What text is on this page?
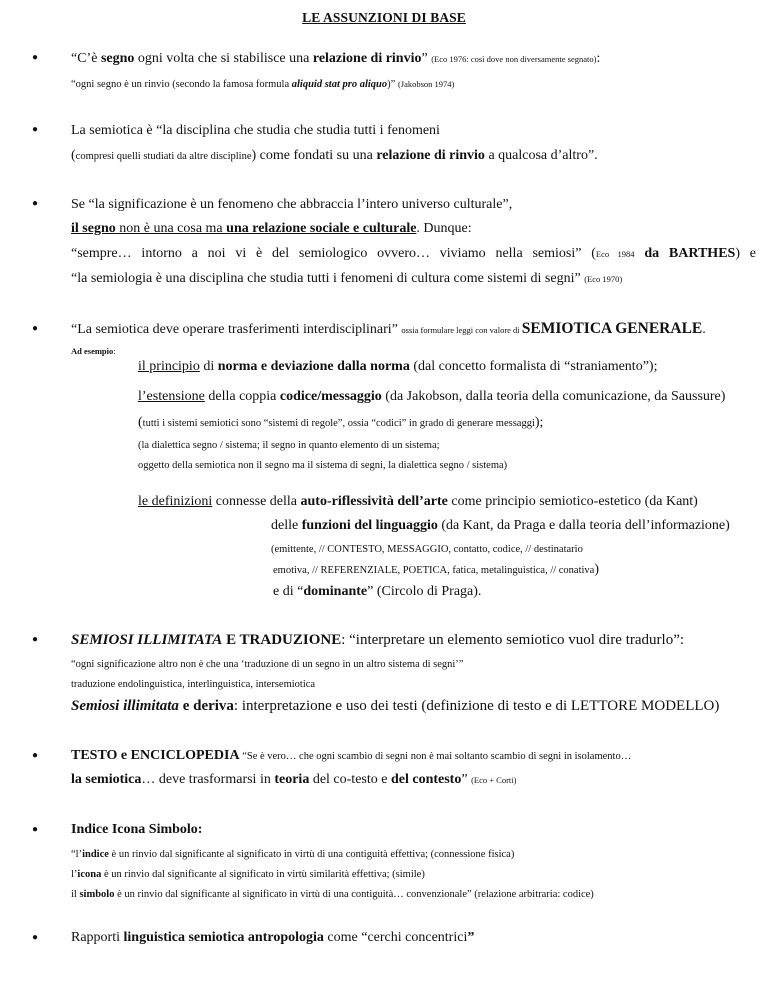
LE ASSUNZIONI DI BASE
● “C’è segno ogni volta che si stabilisce una relazione di rinvio” (Eco 1976: così dove non diversamente segnato):
“ogni segno è un rinvio (secondo la famosa formula aliquid stat pro aliquo)” (Jakobson 1974)
● La semiotica è “la disciplina che studia che studia tutti i fenomeni
(compresi quelli studiati da altre discipline) come fondati su una relazione di rinvio a qualcosa d’altro”.
● Se “la significazione è un fenomeno che abbraccia l’intero universo culturale”,
il segno non è una cosa ma una relazione sociale e culturale. Dunque:
“sempre… intorno a noi vi è del semiologico ovvero… viviamo nella semiosi” (Eco 1984 da BARTHES) e
“la semiologia è una disciplina che studia tutti i fenomeni di cultura come sistemi di segni” (Eco 1970)
● “La semiotica deve operare trasferimenti interdisciplinari” ossia formulare leggi con valore di SEMIOTICA GENERALE.
Ad esempio:
il principio di norma e deviazione dalla norma (dal concetto formalista di “straniamento”);
l’estensione della coppia codice/messaggio (da Jakobson, dalla teoria della comunicazione, da Saussure)
(tutti i sistemi semiotici sono “sistemi di regole”, ossia “codici” in grado di generare messaggi);
(la dialettica segno / sistema; il segno in quanto elemento di un sistema;
oggetto della semiotica non il segno ma il sistema di segni, la dialettica segno / sistema)
le definizioni connesse della auto-riflessività dell’arte come principio semiotico-estetico (da Kant)
delle funzioni del linguaggio (da Kant, da Praga e dalla teoria dell’informazione)
(emittente, // CONTESTO, MESSAGGIO, contatto, codice, // destinatario
emotiva, // REFERENZIALE, POETICA, fatica, metalinguistica, // conativa)
e di “dominante” (Circolo di Praga).
● SEMIOSI ILLIMITATA E TRADUZIONE: “interpretare un elemento semiotico vuol dire tradurlo”:
“ogni significazione altro non è che una ‘traduzione di un segno in un altro sistema di segni’”
traduzione endolinguistica, interlinguistica, intersemiotica
Semiosi illimitata e deriva: interpretazione e uso dei testi (definizione di testo e di LETTORE MODELLO)
● TESTO e ENCICLOPEDIA “Se è vero… che ogni scambio di segni non è mai soltanto scambio di segni in isolamento…
la semiotica… deve trasformarsi in teoria del co-testo e del contesto” (Eco + Corti)
● Indice Icona Simbolo:
“l’indice è un rinvio dal significante al significato in virtù di una contiguità effettiva; (connessione fisica)
l’icona è un rinvio dal significante al significato in virtù similarità effettiva; (simile)
il simbolo è un rinvio dal significante al significato in virtù di una contiguità… convenzionale” (relazione arbitraria: codice)
● Rapporti linguistica semiotica antropologia come “cerchi concentrici”
